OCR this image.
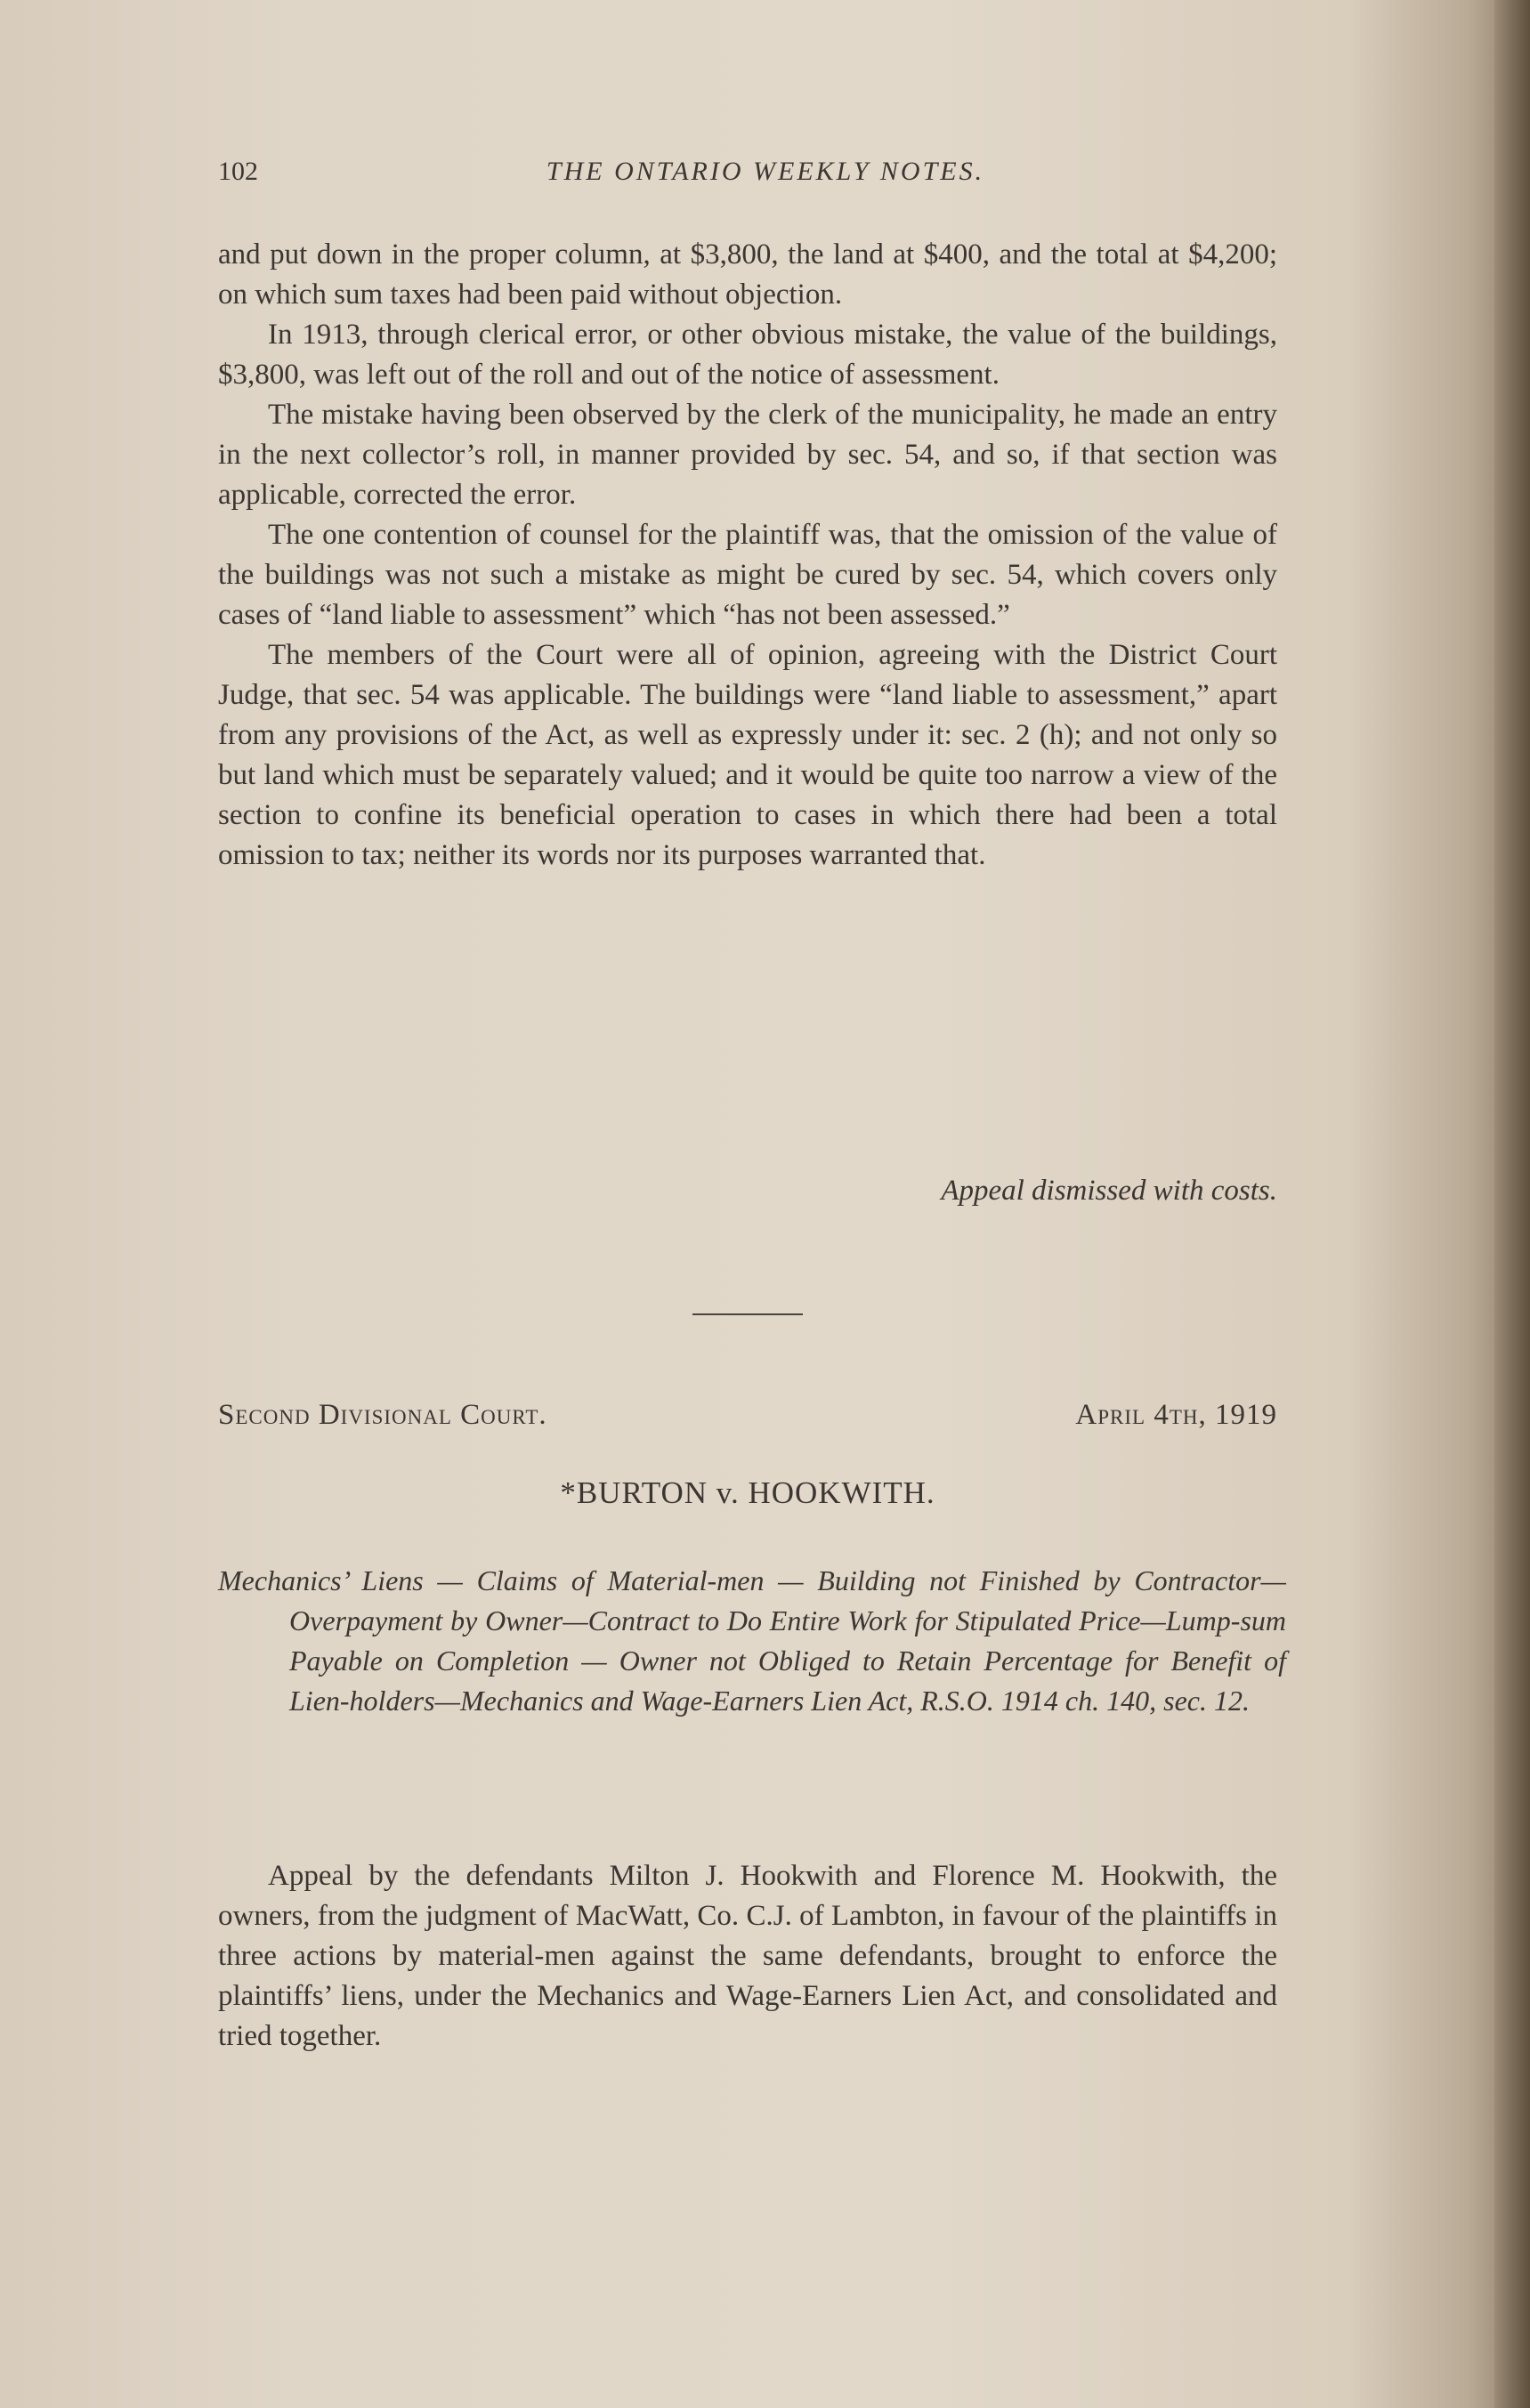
102	THE ONTARIO WEEKLY NOTES.

and put down in the proper column, at $3,800, the land at $400, and the total at $4,200; on which sum taxes had been paid without objection.

In 1913, through clerical error, or other obvious mistake, the value of the buildings, $3,800, was left out of the roll and out of the notice of assessment.

The mistake having been observed by the clerk of the municipality, he made an entry in the next collector’s roll, in manner provided by sec. 54, and so, if that section was applicable, corrected the error.

The one contention of counsel for the plaintiff was, that the omission of the value of the buildings was not such a mistake as might be cured by sec. 54, which covers only cases of “land liable to assessment” which “has not been assessed.”

The members of the Court were all of opinion, agreeing with the District Court Judge, that sec. 54 was applicable. The buildings were “land liable to assessment,” apart from any provisions of the Act, as well as expressly under it: sec. 2 (h); and not only so but land which must be separately valued; and it would be quite too narrow a view of the section to confine its beneficial operation to cases in which there had been a total omission to tax; neither its words nor its purposes warranted that.

Appeal dismissed with costs.
Second Divisional Court.	April 4th, 1919
*BURTON v. HOOKWITH.
Mechanics’ Liens — Claims of Material-men — Building not Finished by Contractor—Overpayment by Owner—Contract to Do Entire Work for Stipulated Price—Lump-sum Payable on Completion — Owner not Obliged to Retain Percentage for Benefit of Lien-holders—Mechanics and Wage-Earners Lien Act, R.S.O. 1914 ch. 140, sec. 12.

Appeal by the defendants Milton J. Hookwith and Florence M. Hookwith, the owners, from the judgment of MacWatt, Co. C.J. of Lambton, in favour of the plaintiffs in three actions by material-men against the same defendants, brought to enforce the plaintiffs’ liens, under the Mechanics and Wage-Earners Lien Act, and consolidated and tried together.
